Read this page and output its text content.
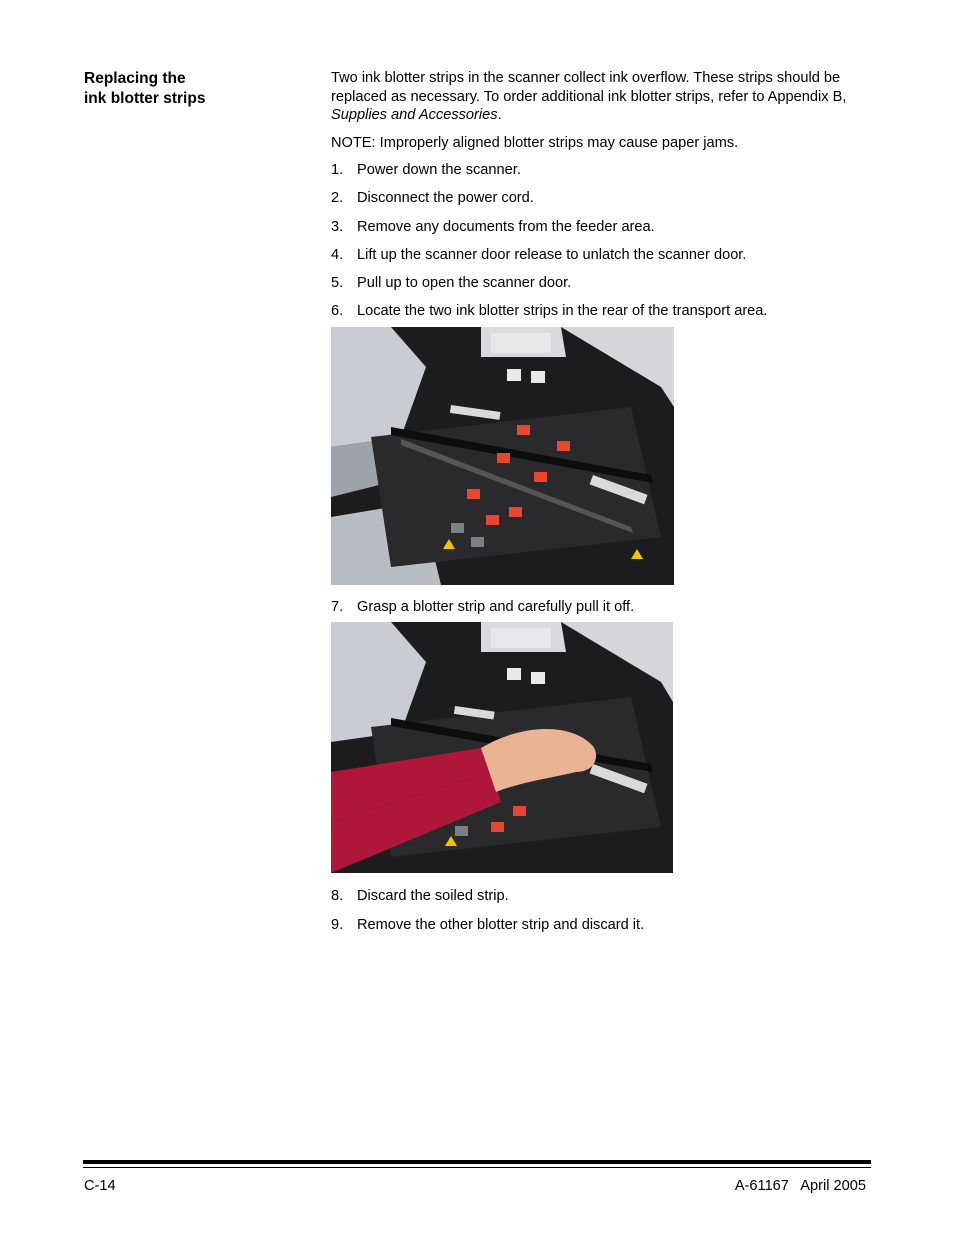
Replacing the
ink blotter strips

Two ink blotter strips in the scanner collect ink overflow. These strips should be replaced as necessary. To order additional ink blotter strips, refer to Appendix B, Supplies and Accessories.

NOTE: Improperly aligned blotter strips may cause paper jams.

1. Power down the scanner.
2. Disconnect the power cord.
3. Remove any documents from the feeder area.
4. Lift up the scanner door release to unlatch the scanner door.
5. Pull up to open the scanner door.
6. Locate the two ink blotter strips in the rear of the transport area.
7. Grasp a blotter strip and carefully pull it off.
8. Discard the soiled strip.
9. Remove the other blotter strip and discard it.
C-14	A-61167   April 2005
